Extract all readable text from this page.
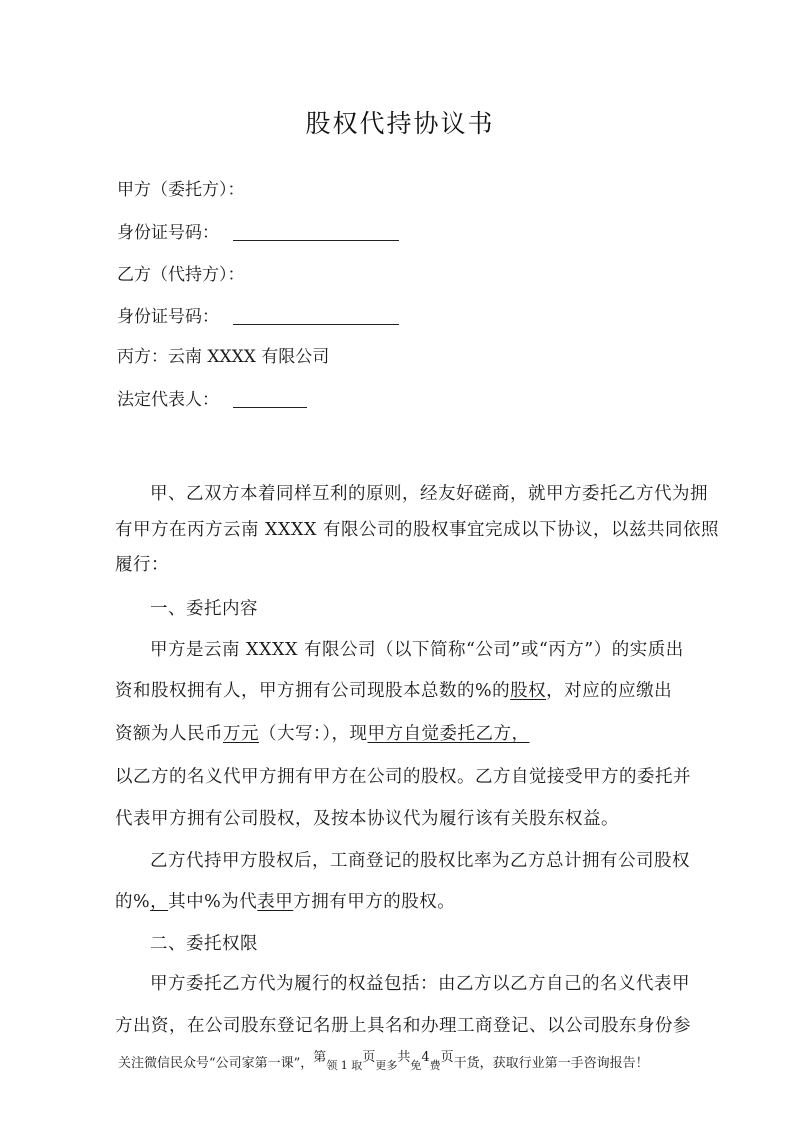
股权代持协议书
甲方（委托方）：
身份证号码：
乙方（代持方）：
身份证号码：
丙方：云南 XXXX 有限公司
法定代表人：
甲、乙双方本着同样互利的原则，经友好磋商，就甲方委托乙方代为拥
有甲方在丙方云南 XXXX 有限公司的股权事宜完成以下协议，以兹共同依照
履行：
一、委托内容
甲方是云南 XXXX 有限公司（以下简称“公司”或“丙方”）的实质出
资和股权拥有人，甲方拥有公司现股本总数的%的股权，对应的应缴出
资额为人民币万元（大写：），现甲方自觉委托乙方，
以乙方的名义代甲方拥有甲方在公司的股权。乙方自觉接受甲方的委托并
代表甲方拥有公司股权，及按本协议代为履行该有关股东权益。
乙方代持甲方股权后，工商登记的股权比率为乙方总计拥有公司股权
的%，其中%为代表甲方拥有甲方的股权。
二、委托权限
甲方委托乙方代为履行的权益包括：由乙方以乙方自己的名义代表甲
方出资，在公司股东登记名册上具名和办理工商登记、以公司股东身份参
关注微信民众号“公司家第一课”，第领 1 取页更多共免4费页干货，获取行业第一手咨询报告！
